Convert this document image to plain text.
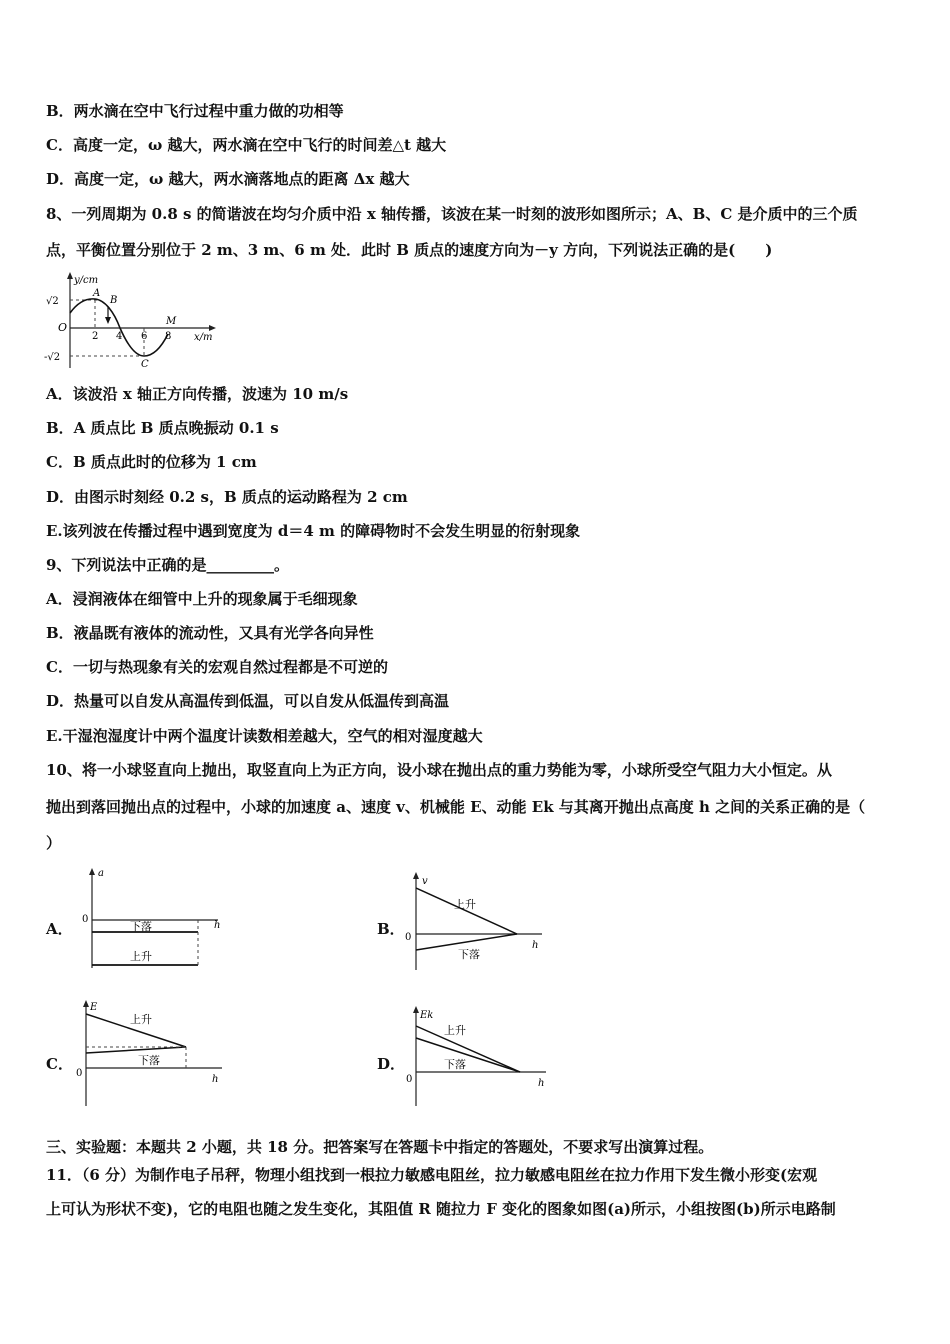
B．两水滴在空中飞行过程中重力做的功相等
C．高度一定，ω 越大，两水滴在空中飞行的时间差△t 越大
D．高度一定，ω 越大，两水滴落地点的距离 Δx 越大
8、一列周期为 0.8 s 的简谐波在均匀介质中沿 x 轴传播，该波在某一时刻的波形如图所示；A、B、C 是介质中的三个质
点，平衡位置分别位于 2 m、3 m、6 m 处．此时 B 质点的速度方向为－y 方向，下列说法正确的是(　　)
y/cm
√2
-√2
O
2 4 6 8 x/m
A
B
C
M
A．该波沿 x 轴正方向传播，波速为 10 m/s
B．A 质点比 B 质点晚振动 0.1 s
C．B 质点此时的位移为 1 cm
D．由图示时刻经 0.2 s，B 质点的运动路程为 2 cm
E.该列波在传播过程中遇到宽度为 d＝4 m 的障碍物时不会发生明显的衍射现象
9、下列说法中正确的是_________。
A．浸润液体在细管中上升的现象属于毛细现象
B．液晶既有液体的流动性，又具有光学各向异性
C．一切与热现象有关的宏观自然过程都是不可逆的
D．热量可以自发从高温传到低温，可以自发从低温传到高温
E.干湿泡湿度计中两个温度计读数相差越大，空气的相对湿度越大
10、将一小球竖直向上抛出，取竖直向上为正方向，设小球在抛出点的重力势能为零，小球所受空气阻力大小恒定。从
抛出到落回抛出点的过程中，小球的加速度 a、速度 v、机械能 E、动能 Ek 与其离开抛出点高度 h 之间的关系正确的是（
）
A．
a
0
h
下落
上升
B．
v
0
h
上升
下落
C．
E
0
h
上升
下落	D．
Ek
0	h
上升
下落
三、实验题：本题共 2 小题，共 18 分。把答案写在答题卡中指定的答题处，不要求写出演算过程。
11．（6 分）为制作电子吊秤，物理小组找到一根拉力敏感电阻丝，拉力敏感电阻丝在拉力作用下发生微小形变(宏观
上可认为形状不变)，它的电阻也随之发生变化，其阻值 R 随拉力 F 变化的图象如图(a)所示，小组按图(b)所示电路制
